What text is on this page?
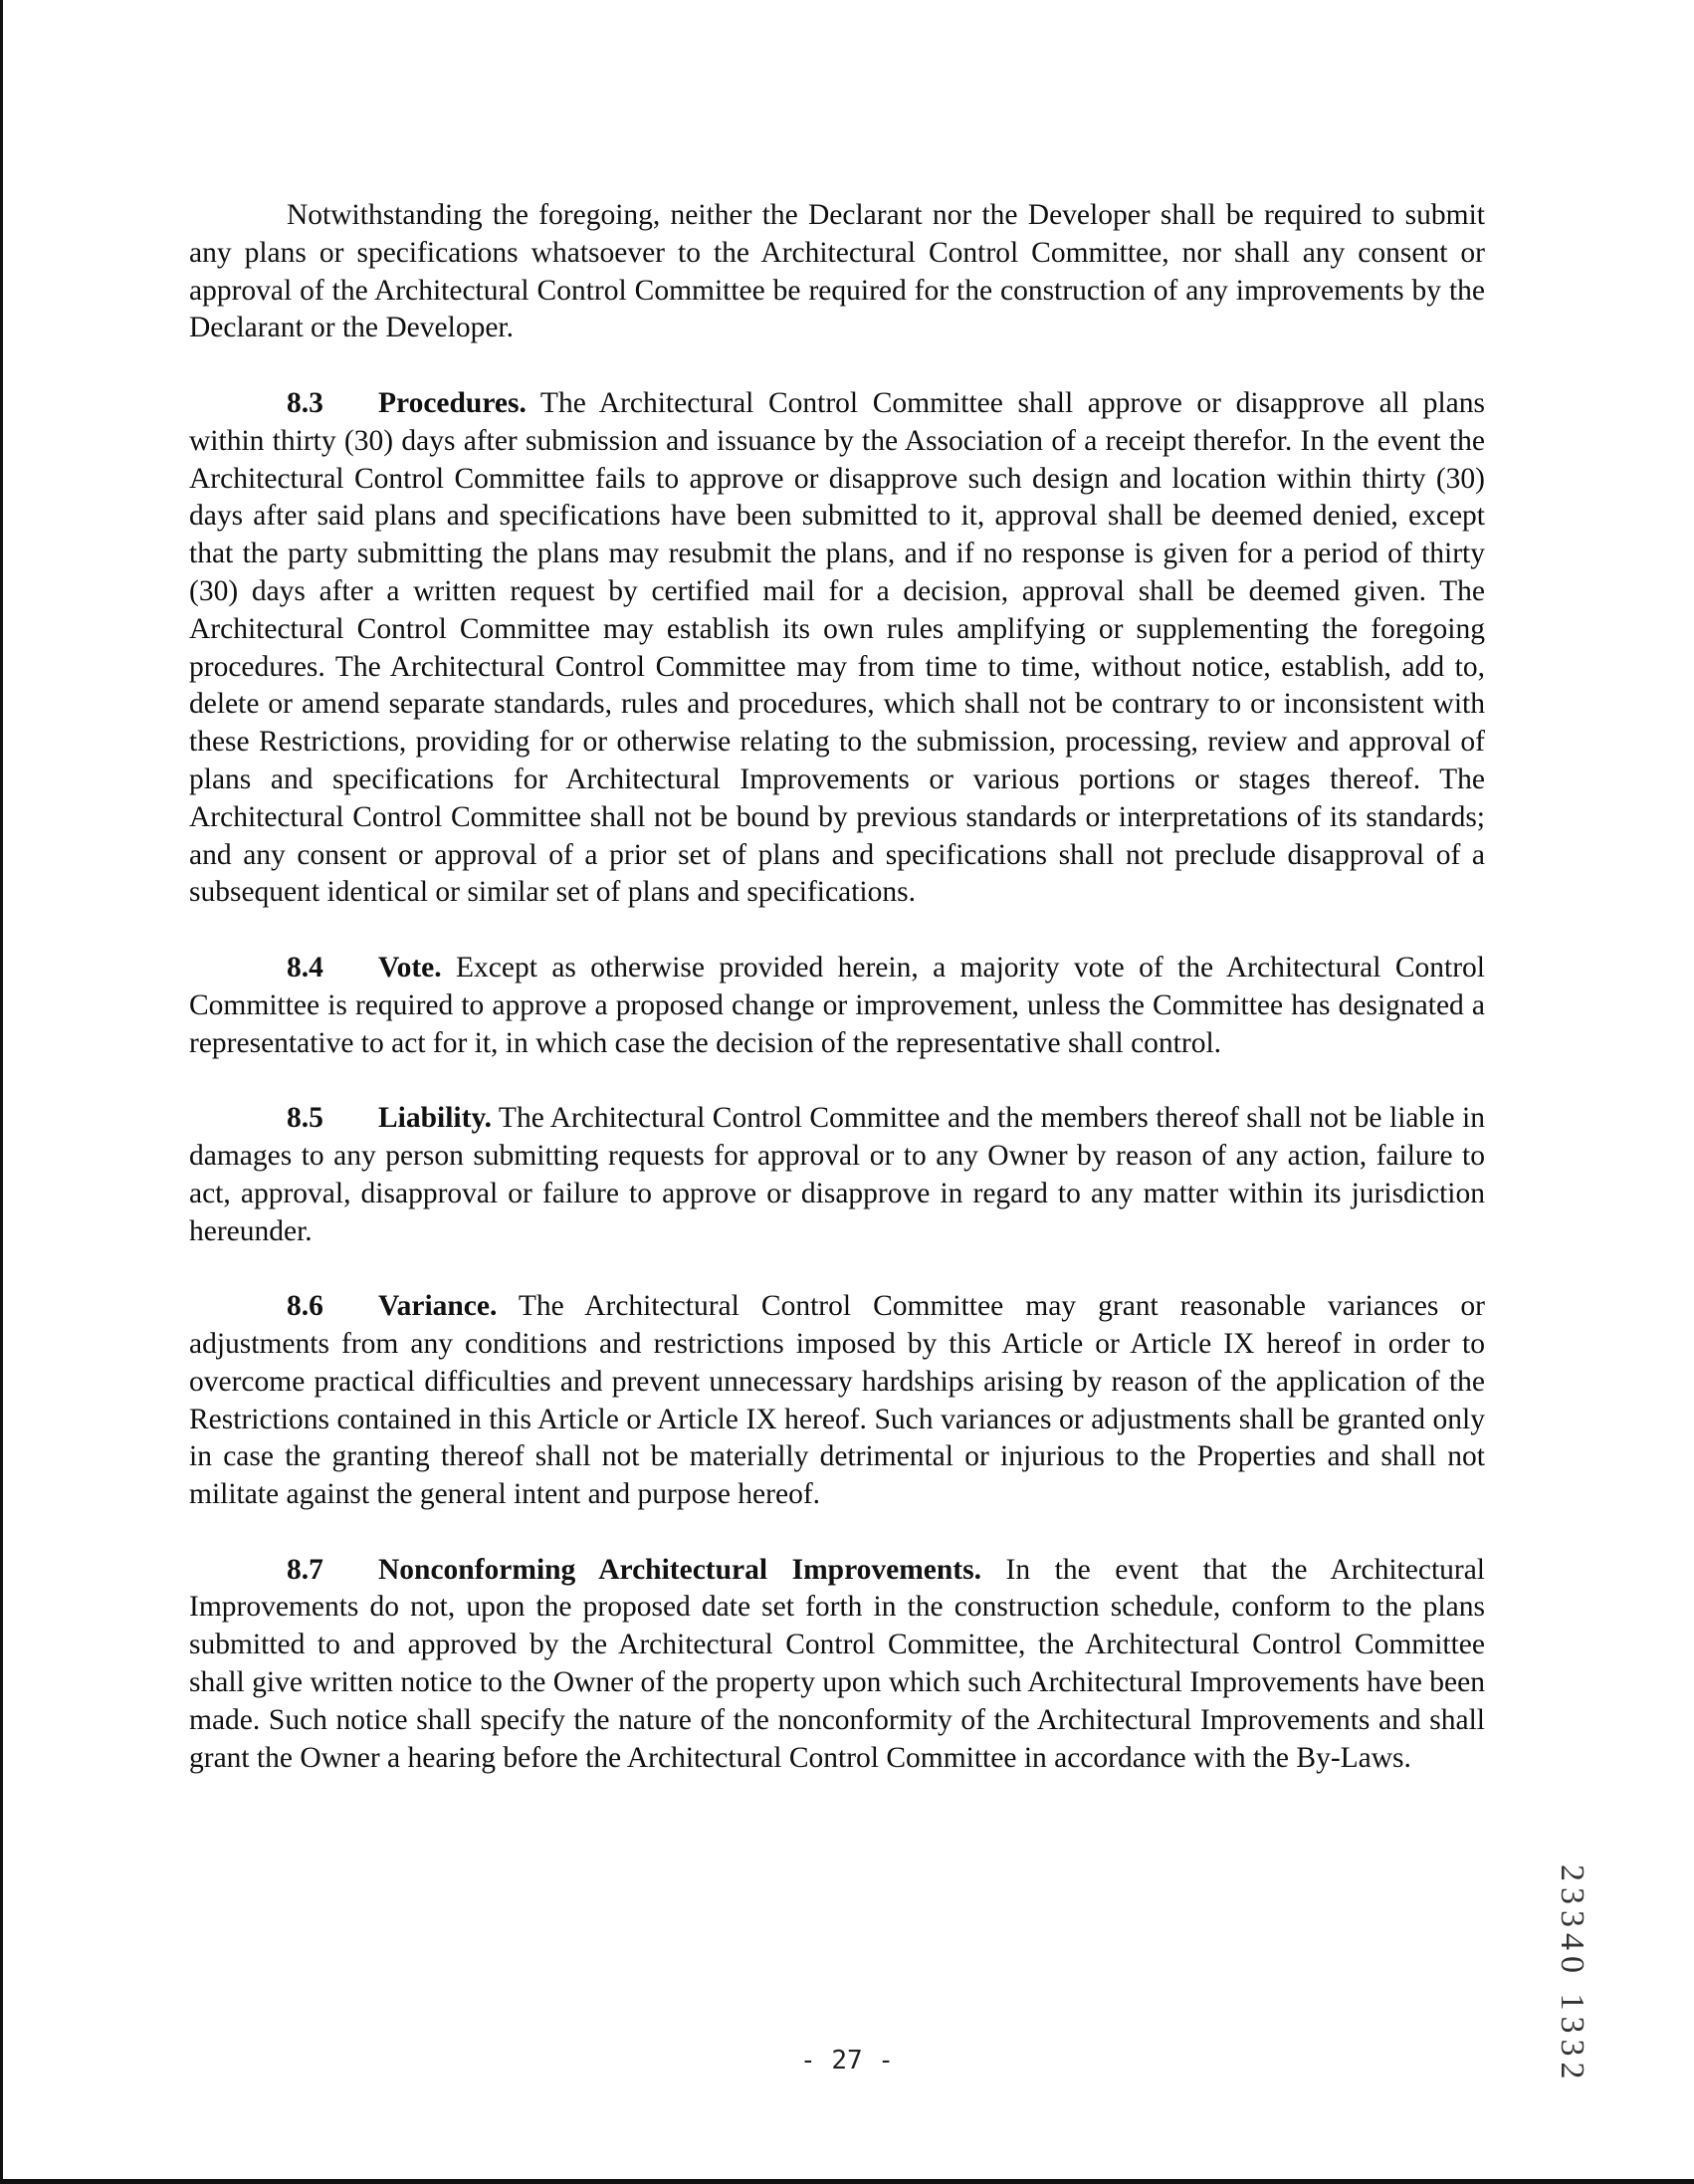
Notwithstanding the foregoing, neither the Declarant nor the Developer shall be required to submit any plans or specifications whatsoever to the Architectural Control Committee, nor shall any consent or approval of the Architectural Control Committee be required for the construction of any improvements by the Declarant or the Developer.

8.3 Procedures. The Architectural Control Committee shall approve or disapprove all plans within thirty (30) days after submission and issuance by the Association of a receipt therefor. In the event the Architectural Control Committee fails to approve or disapprove such design and location within thirty (30) days after said plans and specifications have been submitted to it, approval shall be deemed denied, except that the party submitting the plans may resubmit the plans, and if no response is given for a period of thirty (30) days after a written request by certified mail for a decision, approval shall be deemed given. The Architectural Control Committee may establish its own rules amplifying or supplementing the foregoing procedures. The Architectural Control Committee may from time to time, without notice, establish, add to, delete or amend separate standards, rules and procedures, which shall not be contrary to or inconsistent with these Restrictions, providing for or otherwise relating to the submission, processing, review and approval of plans and specifications for Architectural Improvements or various portions or stages thereof. The Architectural Control Committee shall not be bound by previous standards or interpretations of its standards; and any consent or approval of a prior set of plans and specifications shall not preclude disapproval of a subsequent identical or similar set of plans and specifications.

8.4 Vote. Except as otherwise provided herein, a majority vote of the Architectural Control Committee is required to approve a proposed change or improvement, unless the Committee has designated a representative to act for it, in which case the decision of the representative shall control.

8.5 Liability. The Architectural Control Committee and the members thereof shall not be liable in damages to any person submitting requests for approval or to any Owner by reason of any action, failure to act, approval, disapproval or failure to approve or disapprove in regard to any matter within its jurisdiction hereunder.

8.6 Variance. The Architectural Control Committee may grant reasonable variances or adjustments from any conditions and restrictions imposed by this Article or Article IX hereof in order to overcome practical difficulties and prevent unnecessary hardships arising by reason of the application of the Restrictions contained in this Article or Article IX hereof. Such variances or adjustments shall be granted only in case the granting thereof shall not be materially detrimental or injurious to the Properties and shall not militate against the general intent and purpose hereof.

8.7 Nonconforming Architectural Improvements. In the event that the Architectural Improvements do not, upon the proposed date set forth in the construction schedule, conform to the plans submitted to and approved by the Architectural Control Committee, the Architectural Control Committee shall give written notice to the Owner of the property upon which such Architectural Improvements have been made. Such notice shall specify the nature of the nonconformity of the Architectural Improvements and shall grant the Owner a hearing before the Architectural Control Committee in accordance with the By-Laws.

- 27 -	23340 1332
